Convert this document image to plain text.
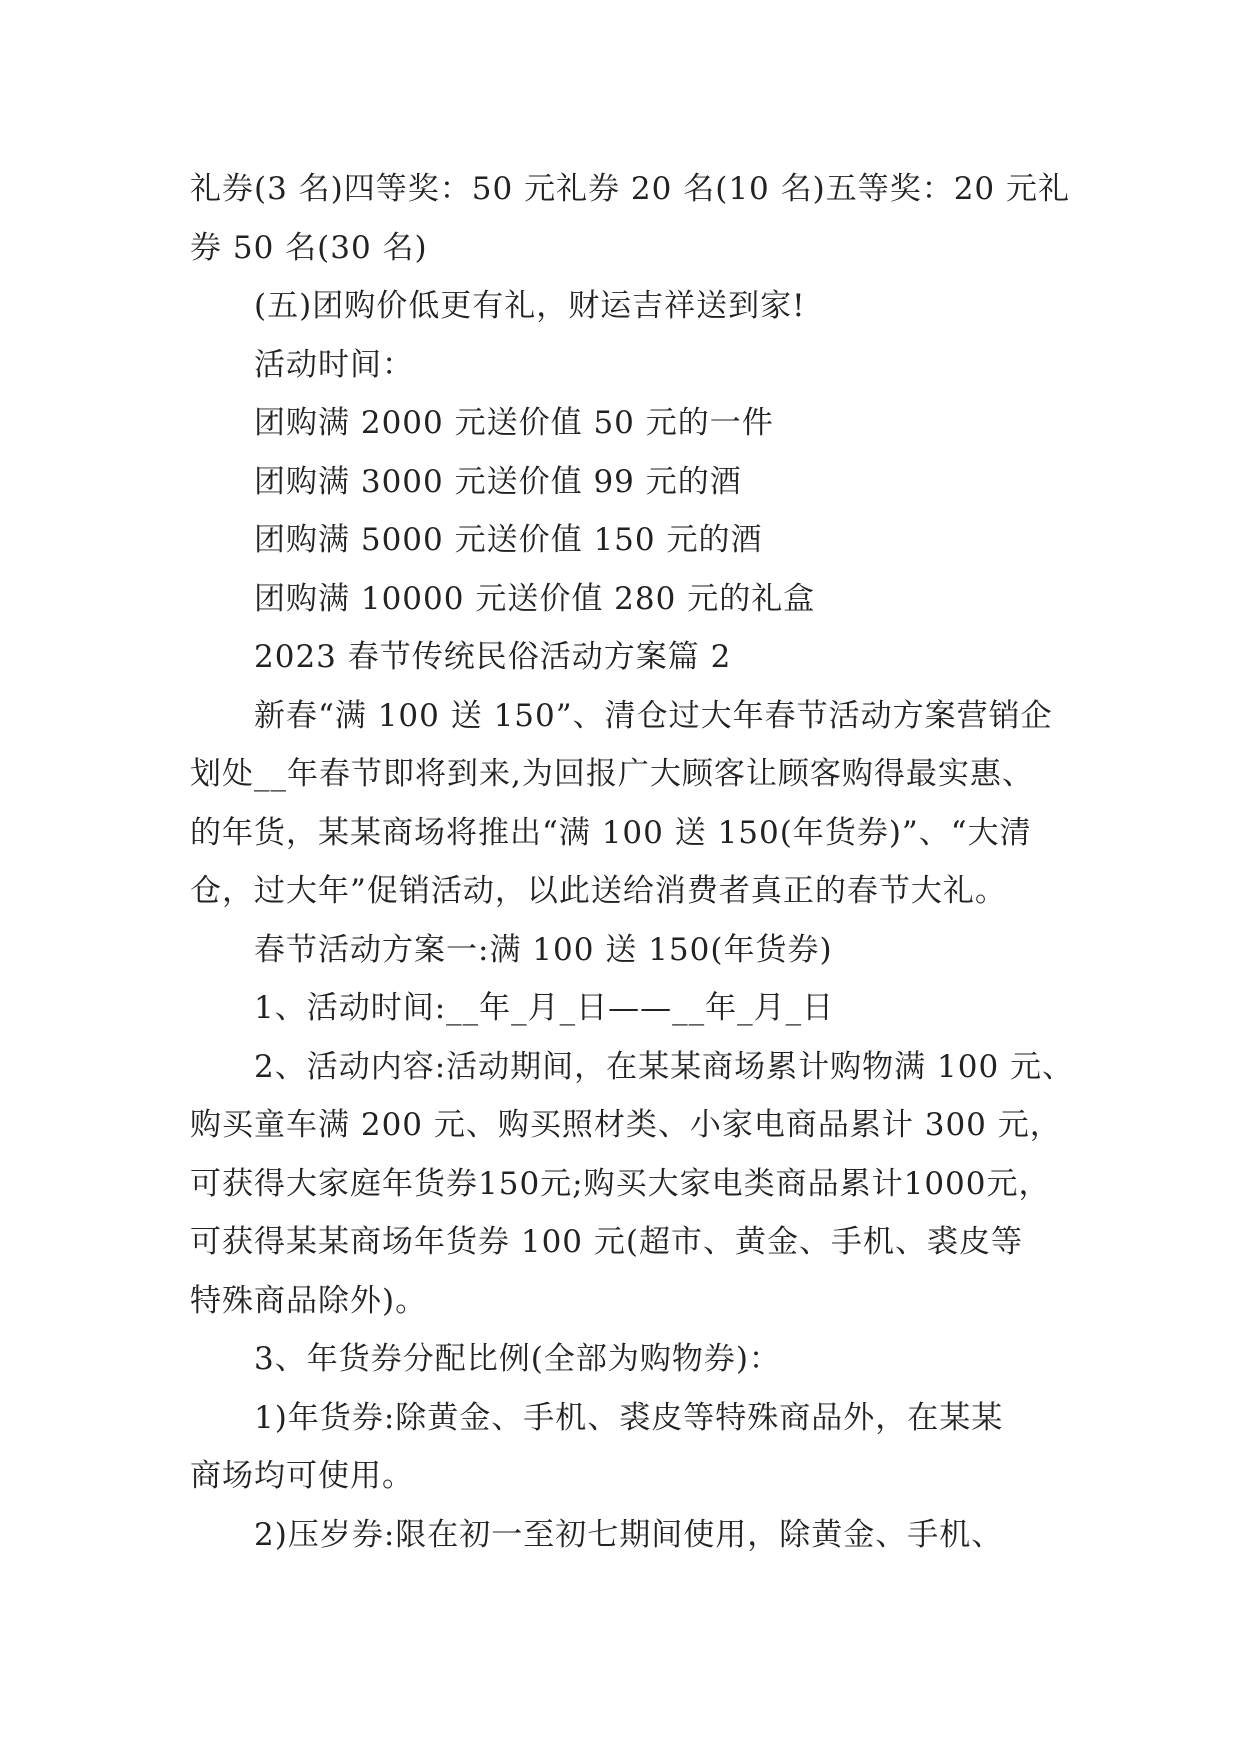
礼券(3 名)四等奖：50 元礼券 20 名(10 名)五等奖：20 元礼

券 50 名(30 名)

(五)团购价低更有礼，财运吉祥送到家!

活动时间：

团购满 2000 元送价值 50 元的一件

团购满 3000 元送价值 99 元的酒

团购满 5000 元送价值 150 元的酒

团购满 10000 元送价值 280 元的礼盒

2023 春节传统民俗活动方案篇 2

新春“满 100 送 150”、清仓过大年春节活动方案营销企

划处__年春节即将到来,为回报广大顾客让顾客购得最实惠、

的年货，某某商场将推出“满 100 送 150(年货券)”、“大清

仓，过大年”促销活动，以此送给消费者真正的春节大礼。

春节活动方案一:满 100 送 150(年货券)

1、活动时间:__年_月_日——__年_月_日

2、活动内容:活动期间，在某某商场累计购物满 100 元、

购买童车满 200 元、购买照材类、小家电商品累计 300 元，

可获得大家庭年货券150元;购买大家电类商品累计1000元，

可获得某某商场年货券 100 元(超市、黄金、手机、裘皮等

特殊商品除外)。

3、年货券分配比例(全部为购物券)：

1)年货券:除黄金、手机、裘皮等特殊商品外，在某某

商场均可使用。

2)压岁券:限在初一至初七期间使用，除黄金、手机、
